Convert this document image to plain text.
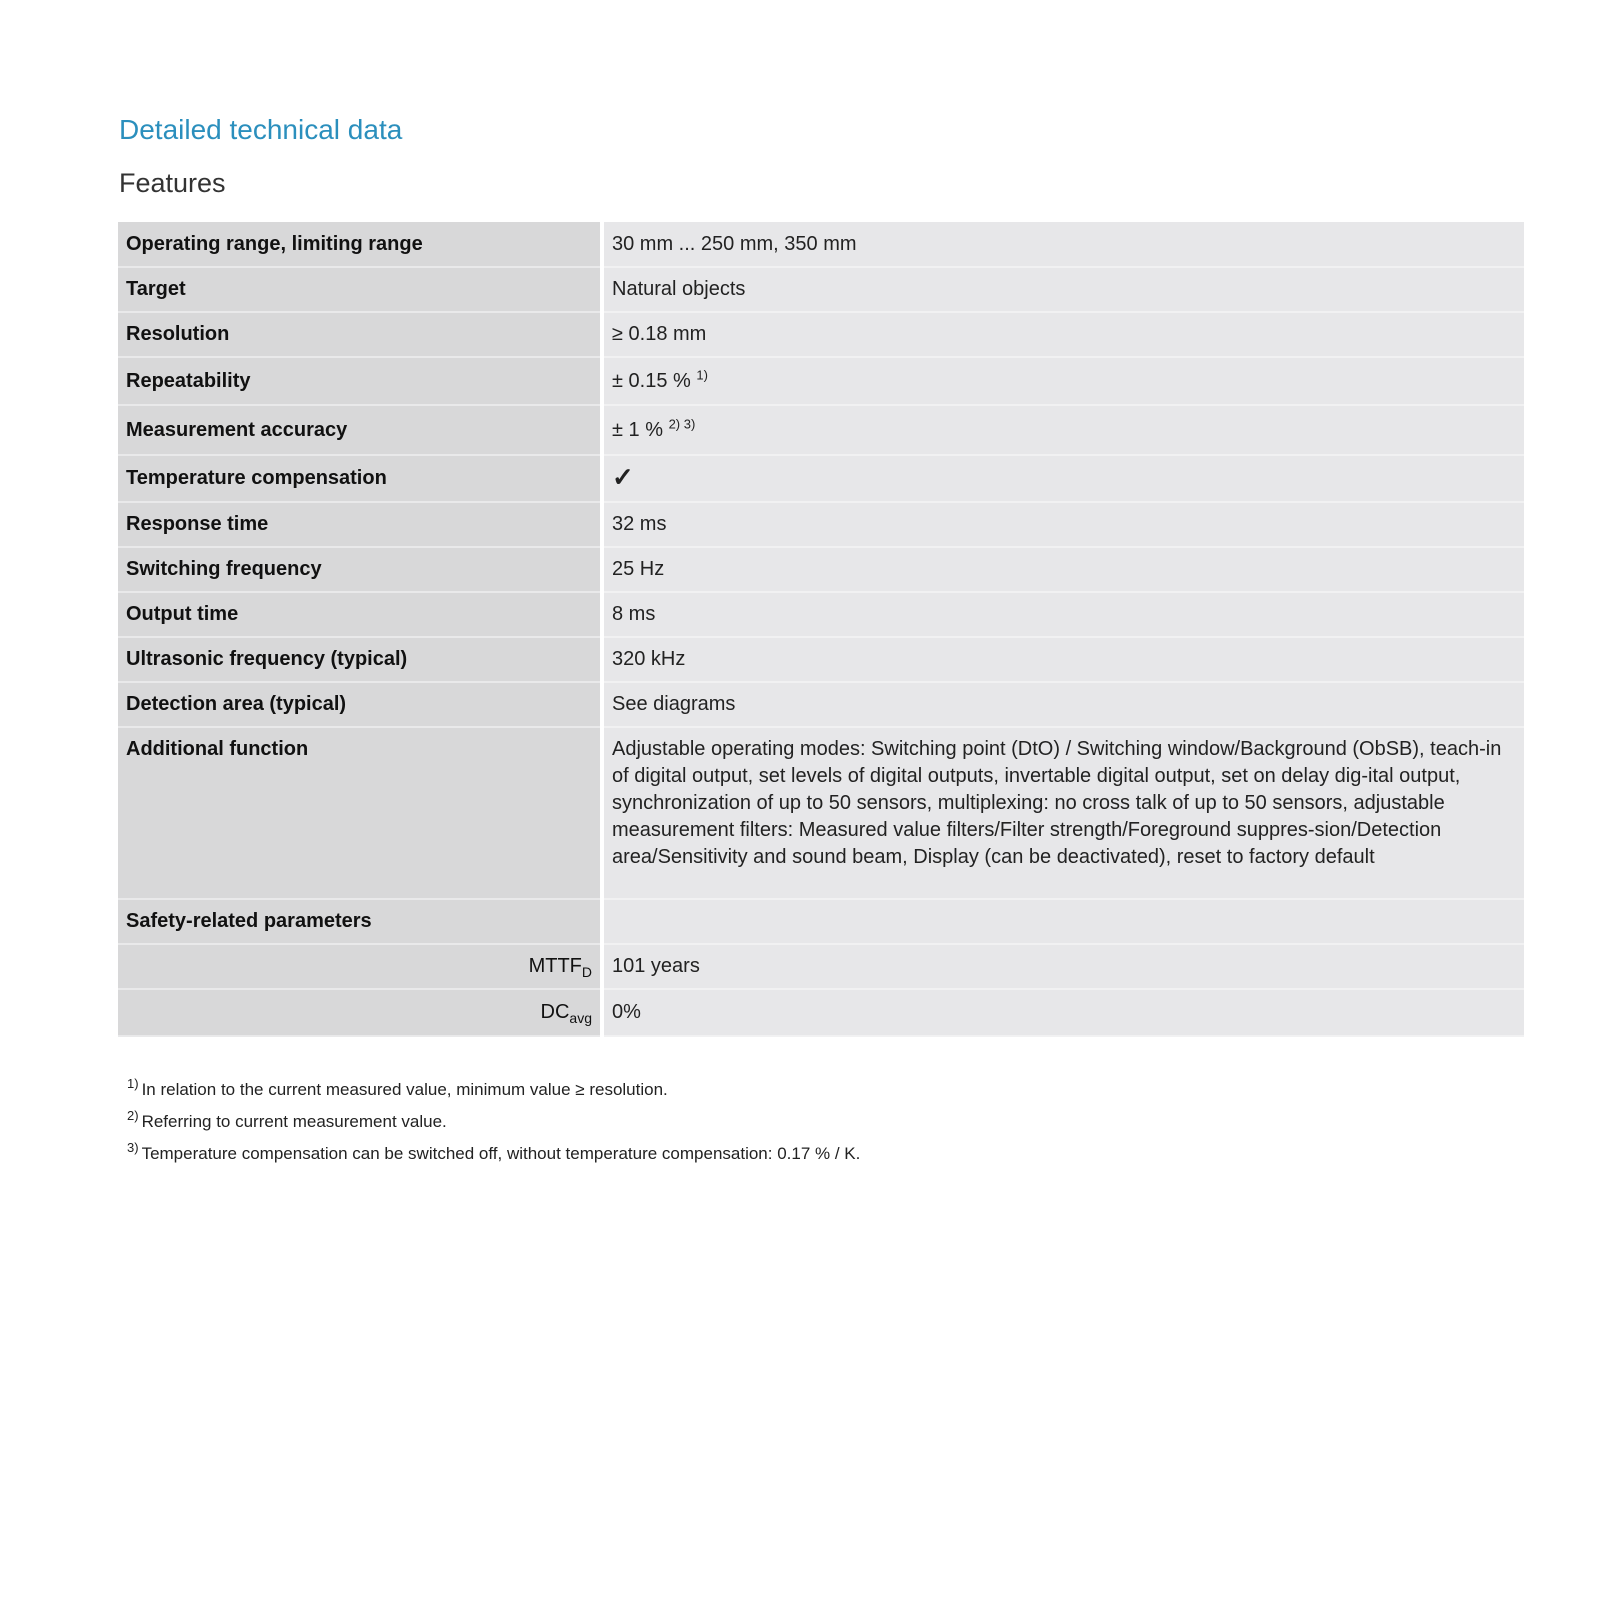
Detailed technical data
Features
Operating range, limiting range	30 mm ... 250 mm, 350 mm
Target	Natural objects
Resolution	≥ 0.18 mm
Repeatability	± 0.15 % $^{1)}$
Measurement accuracy	± 1 % $^{2) 3)}$
Temperature compensation	✓
Response time	32 ms
Switching frequency	25 Hz
Output time	8 ms
Ultrasonic frequency (typical)	320 kHz
Detection area (typical)	See diagrams
Additional function	Adjustable operating modes: Switching point (DtO) / Switching window/Background (ObSB), teach-in of digital output, set levels of digital outputs, invertable digital output, set on delay dig-ital output, synchronization of up to 50 sensors, multiplexing: no cross talk of up to 50 sensors, adjustable measurement filters: Measured value filters/Filter strength/Foreground suppres-sion/Detection area/Sensitivity and sound beam, Display (can be deactivated), reset to factory default
Safety-related parameters	
$MTTF_D$	101 years
$DC_{avg}$	0%
$^{1)}$ In relation to the current measured value, minimum value ≥ resolution.
$^{2)}$ Referring to current measurement value.
$^{3)}$ Temperature compensation can be switched off, without temperature compensation: 0.17 % / K.
